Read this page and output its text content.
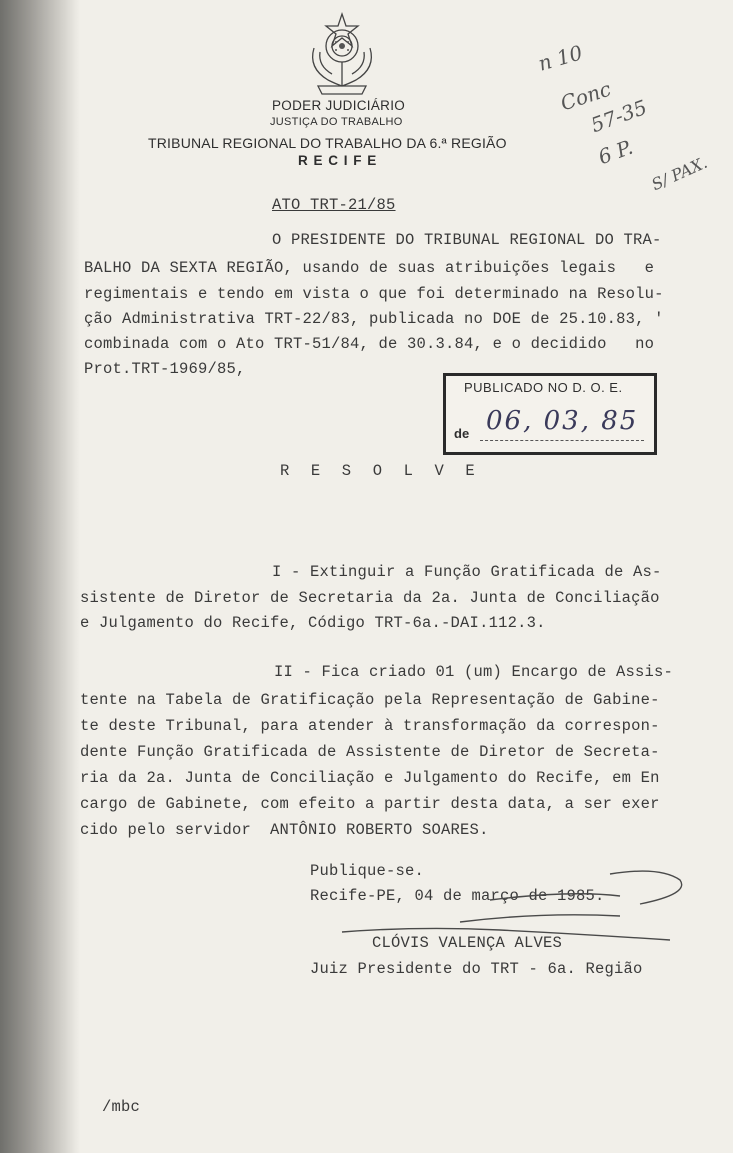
PODER JUDICIÁRIO
JUSTIÇA DO TRABALHO
TRIBUNAL REGIONAL DO TRABALHO DA 6.ª REGIÃO
R E C I F E
ATO TRT-21/85
O PRESIDENTE DO TRIBUNAL REGIONAL DO TRA-
BALHO DA SEXTA REGIÃO, usando de suas atribuições legais   e
regimentais e tendo em vista o que foi determinado na Resolu-
ção Administrativa TRT-22/83, publicada no DOE de 25.10.83, '
combinada com o Ato TRT-51/84, de 30.3.84, e o decidido   no
Prot.TRT-1969/85,
PUBLICADO NO D. O. E.
de 06, 03, 85
R  E  S  O  L  V  E
I - Extinguir a Função Gratificada de As-
sistente de Diretor de Secretaria da 2a. Junta de Conciliação
e Julgamento do Recife, Código TRT-6a.-DAI.112.3.
II - Fica criado 01 (um) Encargo de Assis-
tente na Tabela de Gratificação pela Representação de Gabine-
te deste Tribunal, para atender à transformação da correspon-
dente Função Gratificada de Assistente de Diretor de Secreta-
ria da 2a. Junta de Conciliação e Julgamento do Recife, em En
cargo de Gabinete, com efeito a partir desta data, a ser exer
cido pelo servidor  ANTÔNIO ROBERTO SOARES.
Publique-se.
Recife-PE, 04 de março de 1985.
CLÓVIS VALENÇA ALVES
Juiz Presidente do TRT - 6a. Região
/mbc
n 10
Conc
57-35
6 P.
S/ PAX.
